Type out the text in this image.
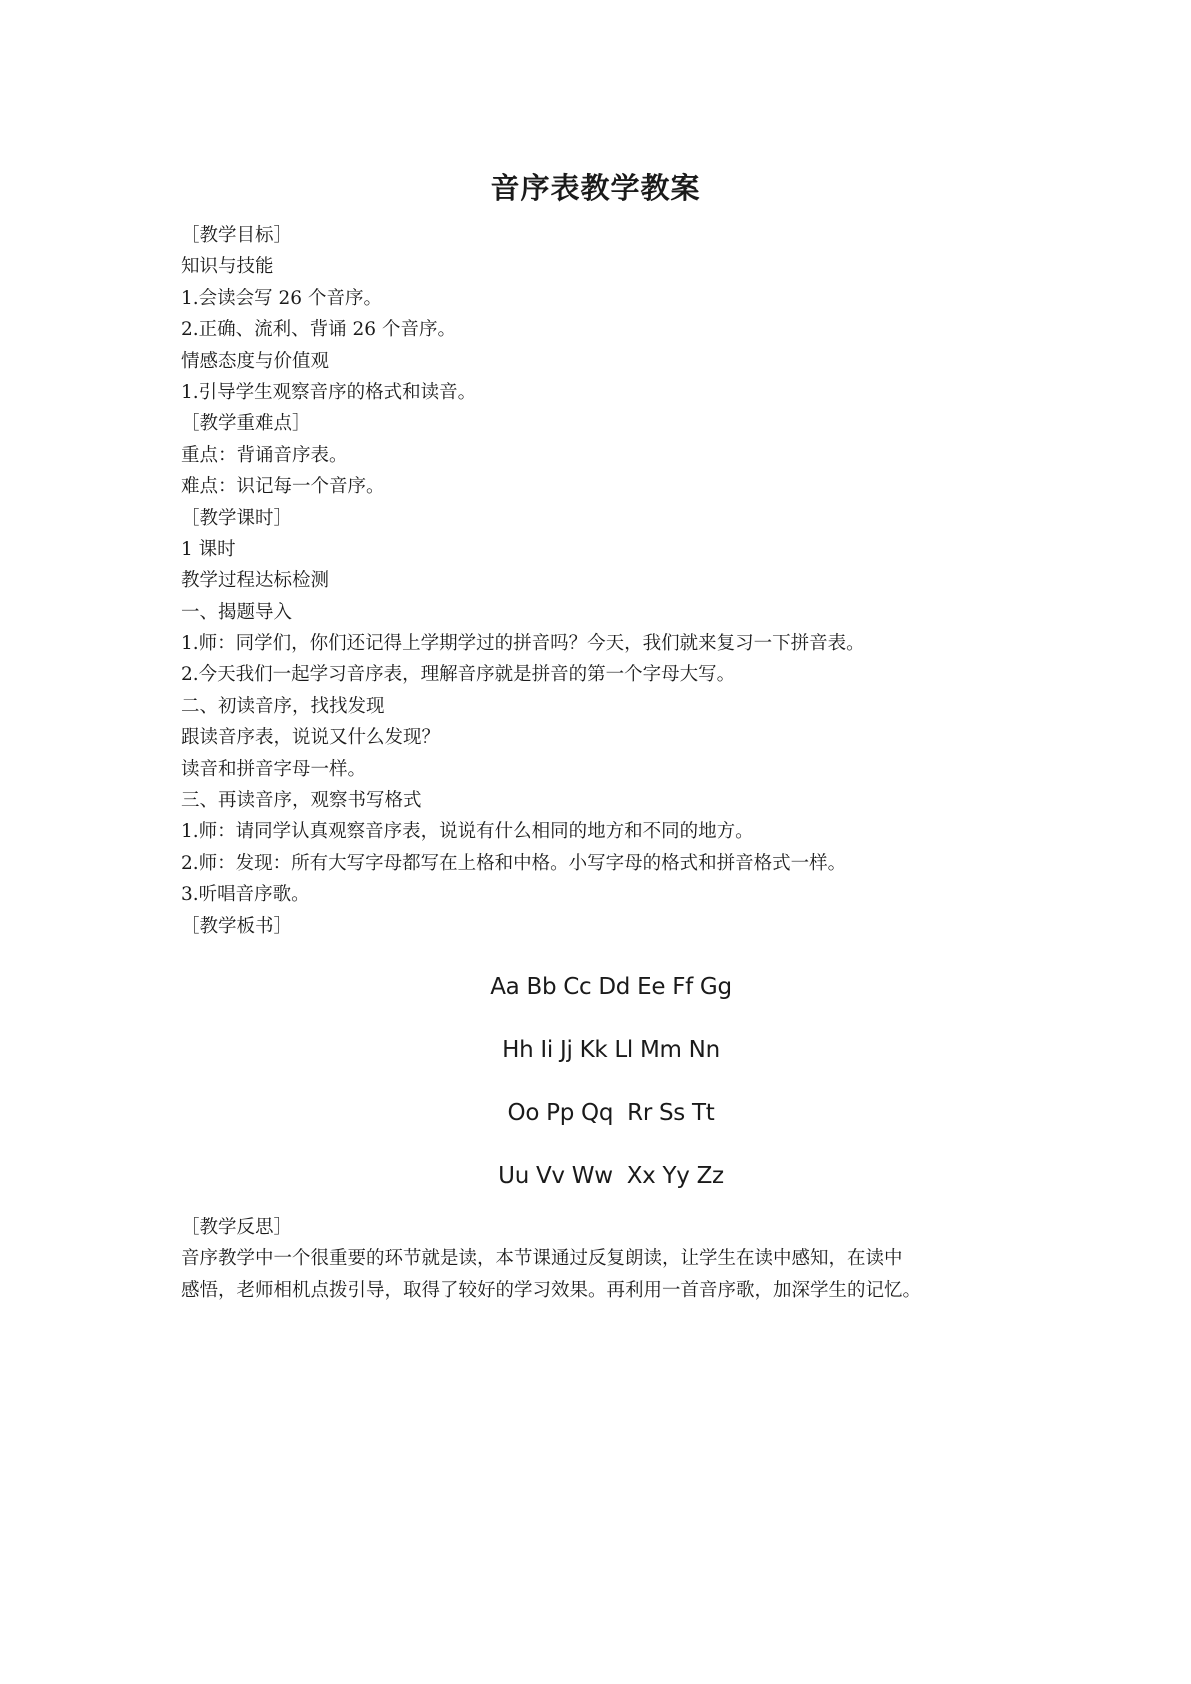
音序表教学教案
［教学目标］
知识与技能
1.会读会写 26 个音序。
2.正确、流利、背诵 26 个音序。
情感态度与价值观
1.引导学生观察音序的格式和读音。
［教学重难点］
重点：背诵音序表。
难点：识记每一个音序。
［教学课时］
1 课时
教学过程达标检测
一、揭题导入
1.师：同学们，你们还记得上学期学过的拼音吗？今天，我们就来复习一下拼音表。
2.今天我们一起学习音序表，理解音序就是拼音的第一个字母大写。
二、初读音序，找找发现
跟读音序表，说说又什么发现？
读音和拼音字母一样。
三、再读音序，观察书写格式
1.师：请同学认真观察音序表，说说有什么相同的地方和不同的地方。
2.师：发现：所有大写字母都写在上格和中格。小写字母的格式和拼音格式一样。
3.听唱音序歌。
［教学板书］
Aa Bb Cc Dd Ee Ff Gg
Hh Ii Jj Kk Ll Mm Nn
Oo Pp Qq  Rr Ss Tt
Uu Vv Ww  Xx Yy Zz
［教学反思］
音序教学中一个很重要的环节就是读，本节课通过反复朗读，让学生在读中感知，在读中
感悟，老师相机点拨引导，取得了较好的学习效果。再利用一首音序歌，加深学生的记忆。
